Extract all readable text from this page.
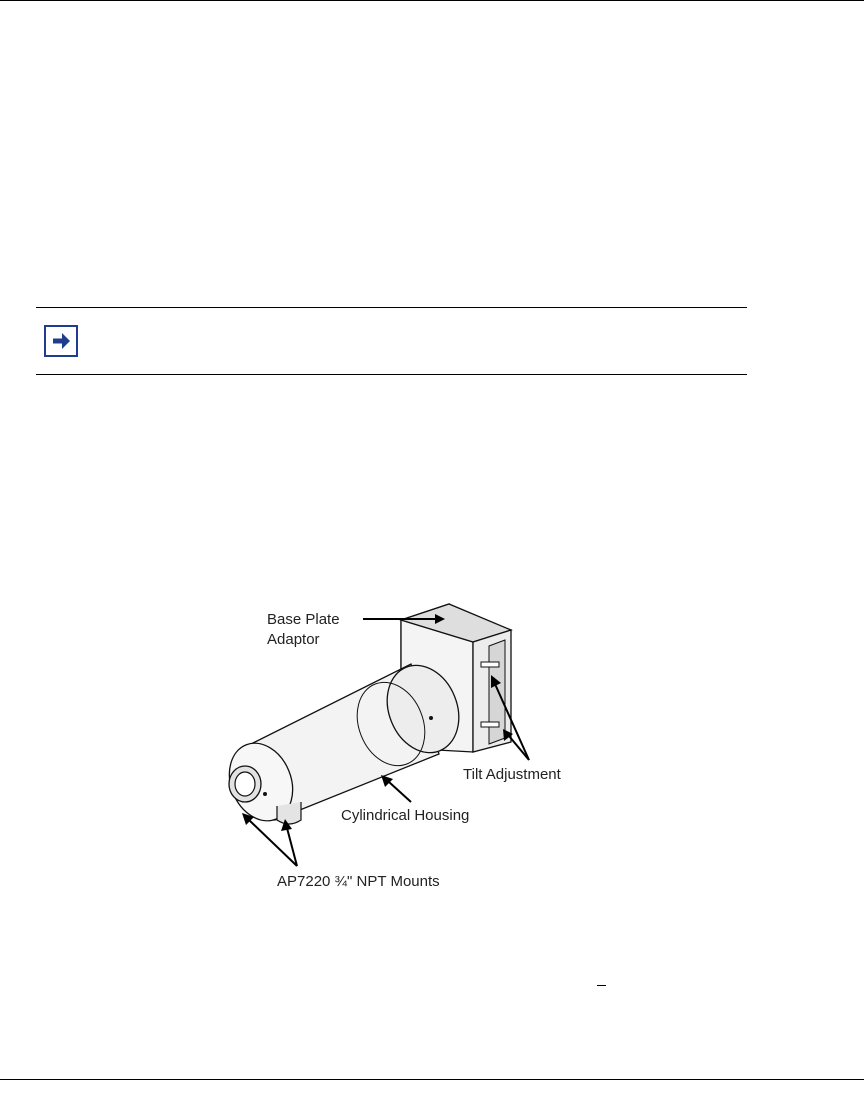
Base Plate
Adaptor
Tilt Adjustment
Cylindrical Housing
AP7220 ¾" NPT Mounts
